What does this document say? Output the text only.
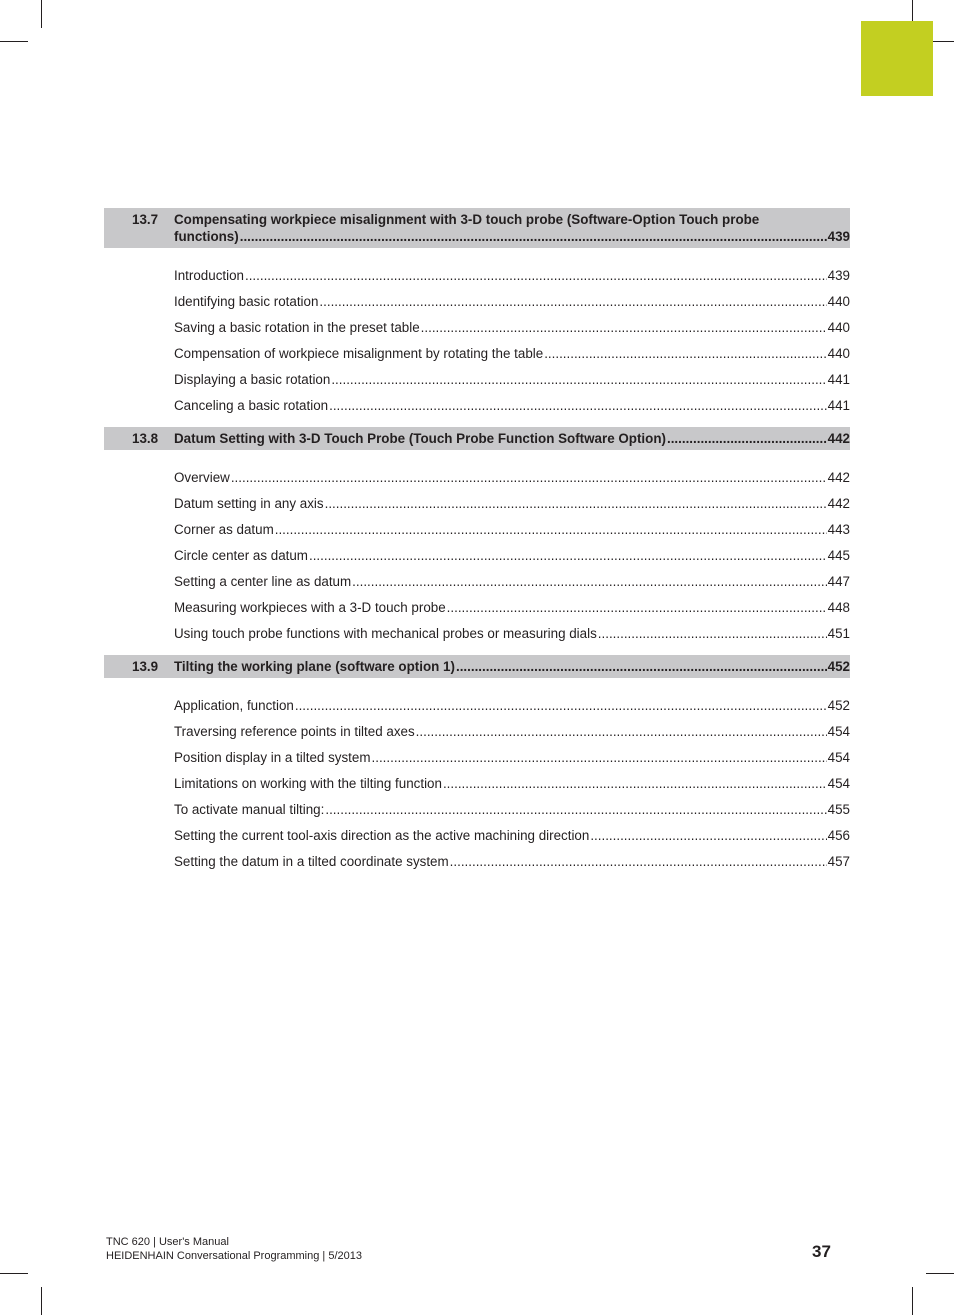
13.7 Compensating workpiece misalignment with 3-D touch probe (Software-Option Touch probe
functions) .....	439
Introduction .....	439
Identifying basic rotation .....	440
Saving a basic rotation in the preset table .....	440
Compensation of workpiece misalignment by rotating the table .....	440
Displaying a basic rotation .....	441
Canceling a basic rotation .....	441
13.8 Datum Setting with 3-D Touch Probe (Touch Probe Function Software Option) .....	442
Overview .....	442
Datum setting in any axis .....	442
Corner as datum .....	443
Circle center as datum .....	445
Setting a center line as datum .....	447
Measuring workpieces with a 3-D touch probe .....	448
Using touch probe functions with mechanical probes or measuring dials .....	451
13.9 Tilting the working plane (software option 1) .....	452
Application, function .....	452
Traversing reference points in tilted axes .....	454
Position display in a tilted system .....	454
Limitations on working with the tilting function .....	454
To activate manual tilting: .....	455
Setting the current tool-axis direction as the active machining direction .....	456
Setting the datum in a tilted coordinate system .....	457
TNC 620 | User's Manual
HEIDENHAIN Conversational Programming | 5/2013	37
